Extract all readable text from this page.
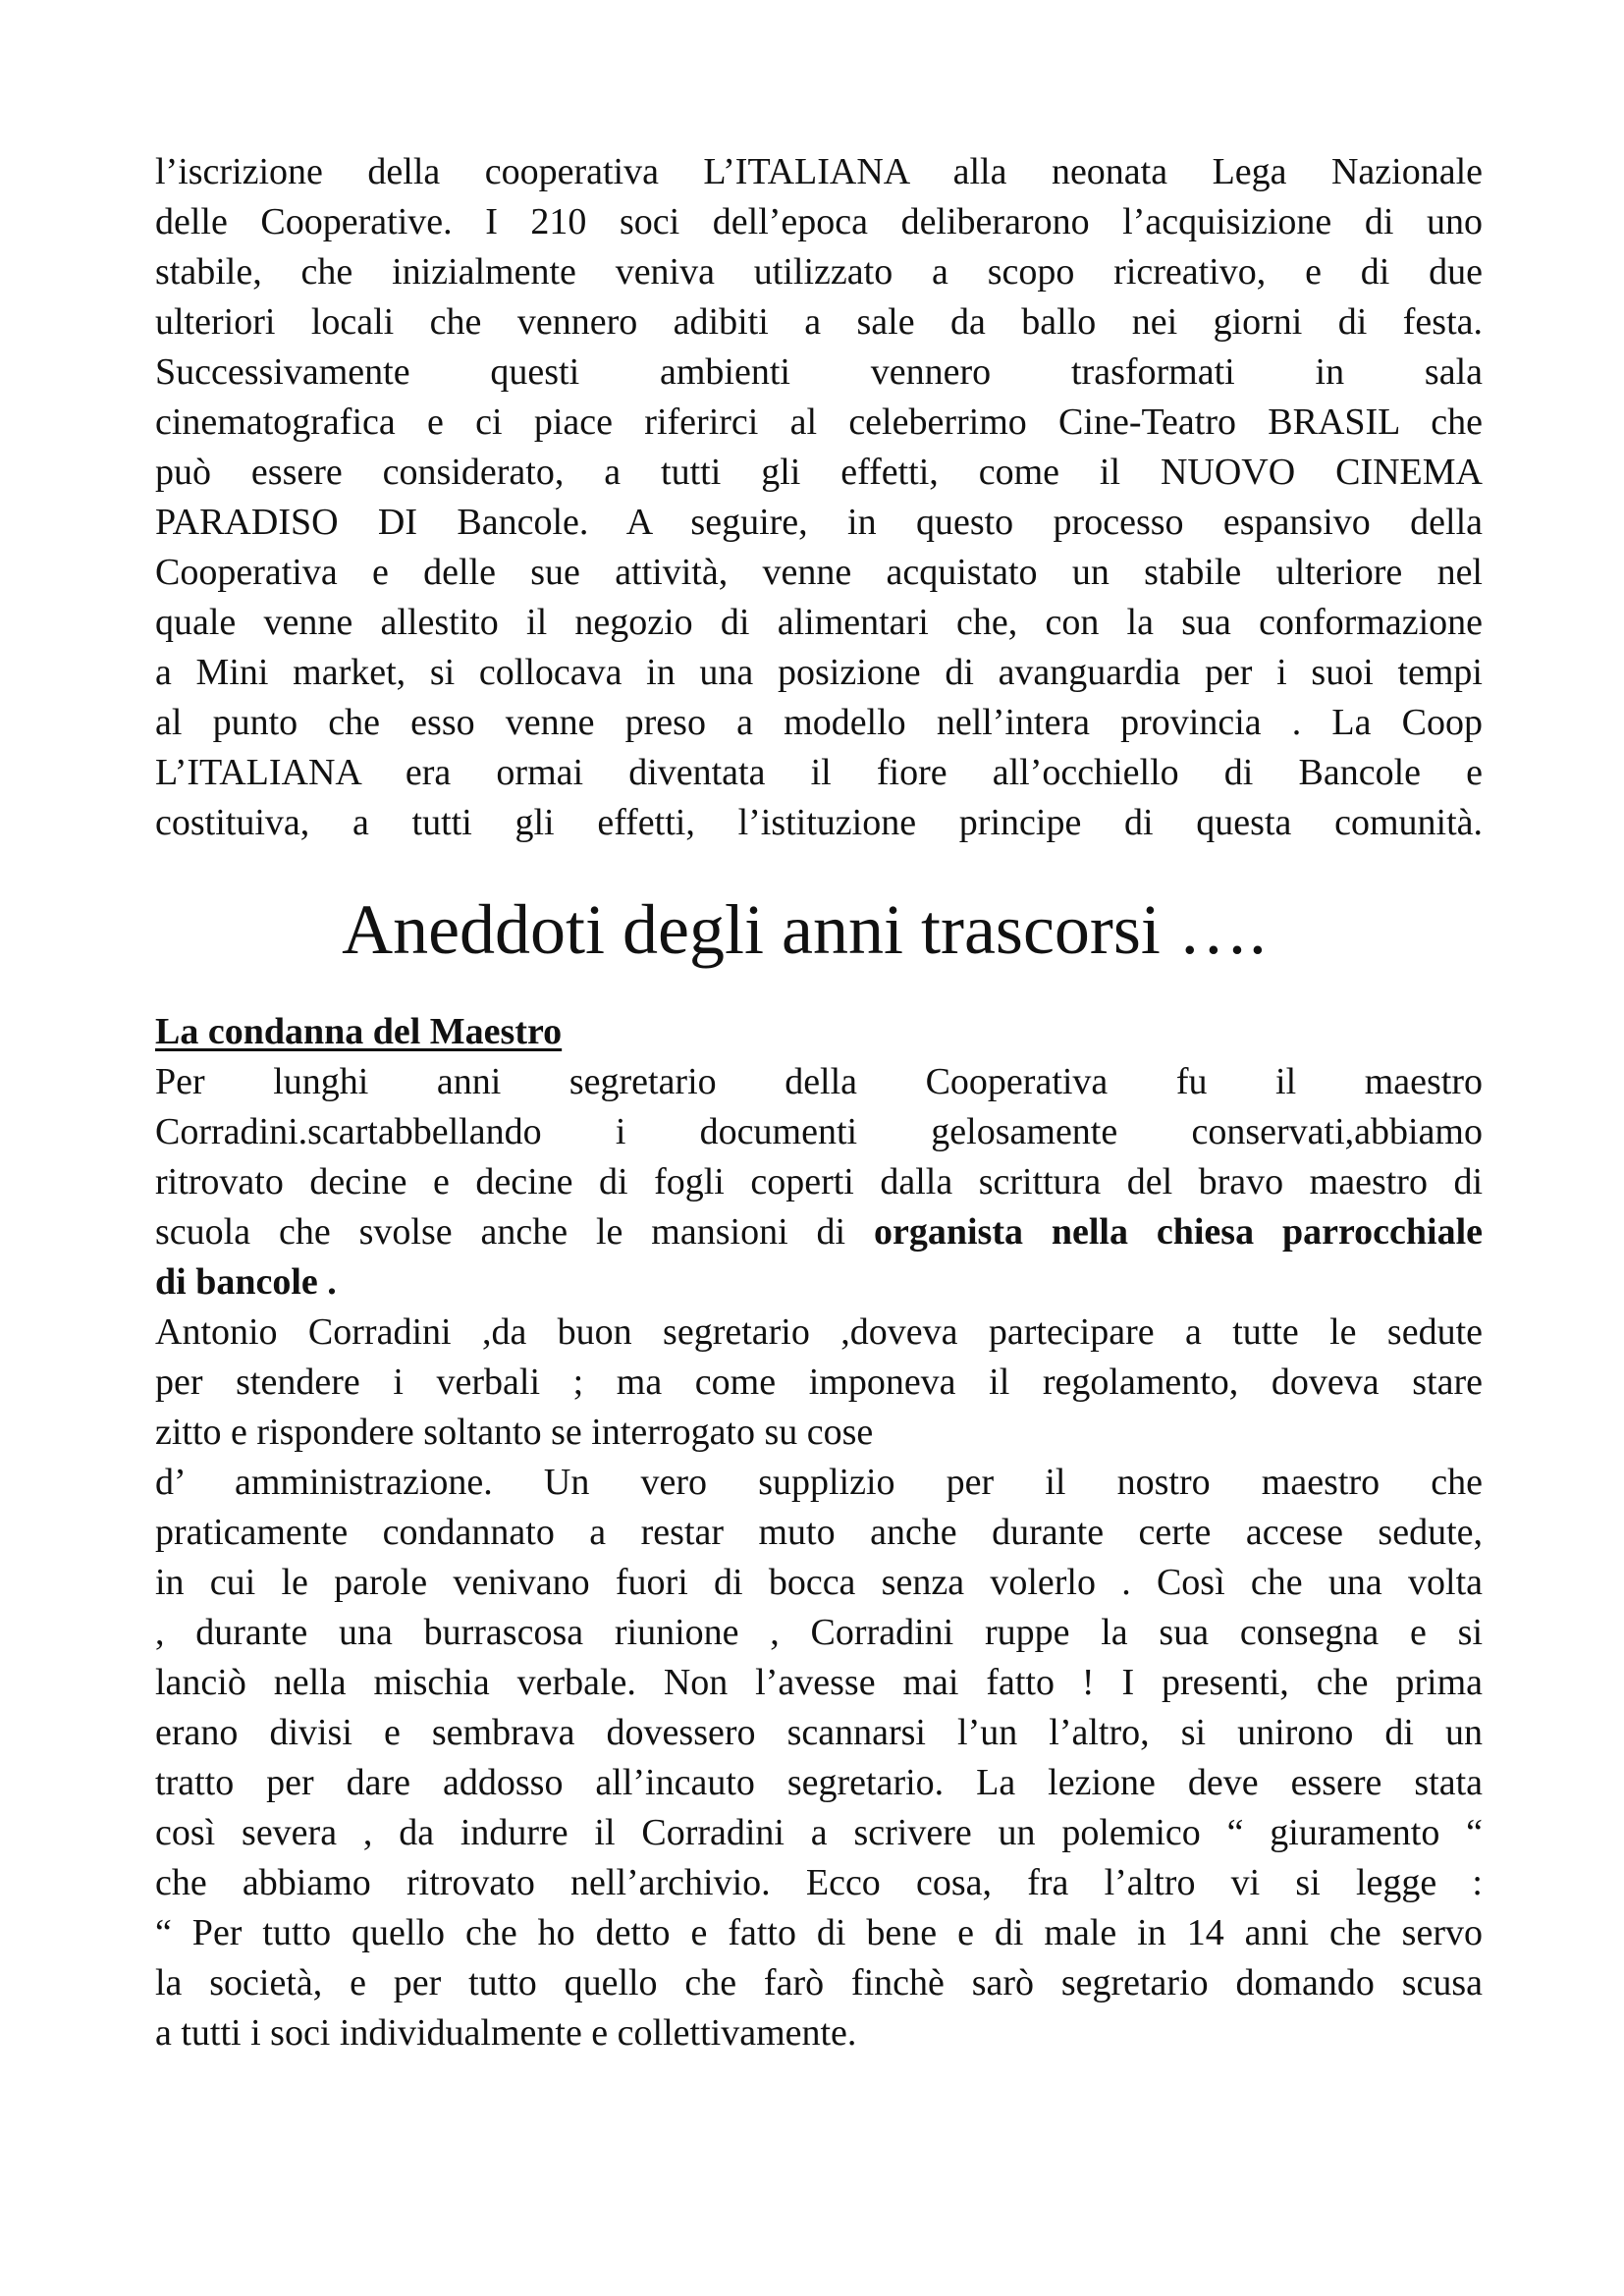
l’iscrizione della cooperativa L’ITALIANA alla neonata Lega Nazionale
delle Cooperative. I 210 soci dell’epoca deliberarono l’acquisizione di uno
stabile, che inizialmente veniva utilizzato a scopo ricreativo, e di due
ulteriori locali che vennero adibiti a sale da ballo nei giorni di festa.
Successivamente questi ambienti vennero trasformati in sala
cinematografica e ci piace riferirci al celeberrimo Cine-Teatro BRASIL che
può essere considerato, a tutti gli effetti, come il NUOVO CINEMA
PARADISO DI Bancole. A seguire, in questo processo espansivo della
Cooperativa e delle sue attività, venne acquistato un stabile ulteriore nel
quale venne allestito il negozio di alimentari che, con la sua conformazione
a Mini market, si collocava in una posizione di avanguardia per i suoi tempi
al punto che esso venne preso a modello nell’intera provincia . La Coop
L’ITALIANA era ormai diventata il fiore all’occhiello di Bancole e
costituiva, a tutti gli effetti, l’istituzione principe di questa comunità.
Aneddoti degli anni trascorsi ….
La condanna del Maestro
Per lunghi anni segretario della Cooperativa fu il maestro
Corradini.scartabbellando i documenti gelosamente conservati,abbiamo
ritrovato decine e decine di fogli coperti dalla scrittura del bravo maestro di
scuola che svolse anche le mansioni di organista nella chiesa parrocchiale
di bancole .
Antonio Corradini ,da buon segretario ,doveva partecipare a tutte le sedute
per stendere i verbali ; ma come imponeva il regolamento, doveva stare
zitto e rispondere soltanto se interrogato su cose
d’ amministrazione. Un vero supplizio per il nostro maestro che
praticamente condannato a restar muto anche durante certe accese sedute,
in cui le parole venivano fuori di bocca senza volerlo . Così che una volta
, durante una burrascosa riunione , Corradini ruppe la sua consegna e si
lanciò nella mischia verbale. Non l’avesse mai fatto ! I presenti, che prima
erano divisi e sembrava dovessero scannarsi l’un l’altro, si unirono di un
tratto per dare addosso all’incauto segretario. La lezione deve essere stata
così severa , da indurre il Corradini a scrivere un polemico “ giuramento “
che abbiamo ritrovato nell’archivio. Ecco cosa, fra l’altro vi si legge :
“ Per tutto quello che ho detto e fatto di bene e di male in 14 anni che servo
la società, e per tutto quello che farò finchè sarò segretario domando scusa
a tutti i soci individualmente e collettivamente.
